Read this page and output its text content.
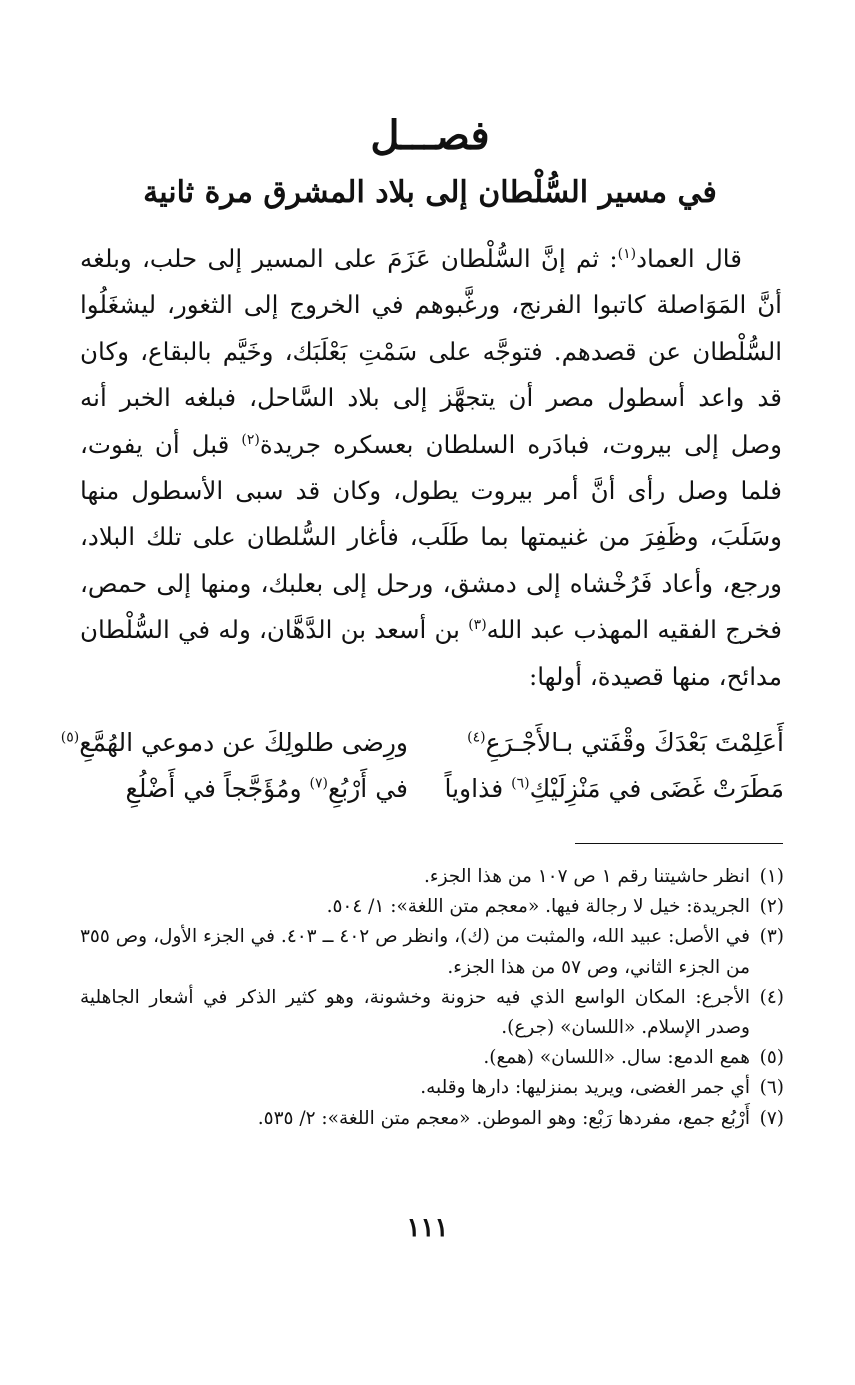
فصـــل
في مسير السُّلْطان إلى بلاد المشرق مرة ثانية

قال العماد$^{(١)}$: ثم إنَّ السُّلْطان عَزَمَ على المسير إلى حلب، وبلغه أنَّ المَوَاصلة كاتبوا الفرنج، ورغَّبوهم في الخروج إلى الثغور، ليشغَلُوا السُّلْطان عن قصدهم. فتوجَّه على سَمْتِ بَعْلَبَك، وخَيَّم بالبقاع، وكان قد واعد أسطول مصر أن يتجهَّز إلى بلاد السَّاحل، فبلغه الخبر أنه وصل إلى بيروت، فبادَره السلطان بعسكره جريدة$^{(٢)}$ قبل أن يفوت، فلما وصل رأى أنَّ أمر بيروت يطول، وكان قد سبى الأسطول منها وسَلَبَ، وظَفِرَ من غنيمتها بما طَلَب، فأغار السُّلطان على تلك البلاد، ورجع، وأعاد فَرُخْشاه إلى دمشق، ورحل إلى بعلبك، ومنها إلى حمص، فخرج الفقيه المهذب عبد الله$^{(٣)}$ بن أسعد بن الدَّهَّان، وله في السُّلْطان مدائح، منها قصيدة، أولها:

أَعَلِمْتَ بَعْدَكَ وقْفَتي بـالأَجْـرَعِ$^{(٤)}$
ورِضى طلولِكَ عن دموعي الهُمَّعِ$^{(٥)}$
مَطَرَتْ غَضَى في مَنْزِلَيْكِ$^{(٦)}$ فذاوياً
في أَرْبُعِ$^{(٧)}$ ومُؤَجَّجاً في أَضْلُعِ
(١)
انظر حاشيتنا رقم ١ ص ١٠٧ من هذا الجزء.
(٢)
الجريدة: خيل لا رجالة فيها. «معجم متن اللغة»: ١/ ٥٠٤.
(٣)
في الأصل: عبيد الله، والمثبت من (ك)، وانظر ص ٤٠٢ ــ ٤٠٣. في الجزء الأول، وص ٣٥٥ من الجزء الثاني، وص ٥٧ من هذا الجزء.
(٤)
الأجرع: المكان الواسع الذي فيه حزونة وخشونة، وهو كثير الذكر في أشعار الجاهلية وصدر الإسلام. «اللسان» (جرع).
(٥)
همع الدمع: سال. «اللسان» (همع).
(٦)
أي جمر الغضى، ويريد بمنزليها: دارها وقلبه.
(٧)
أَرْبُع جمع، مفردها رَبْع: وهو الموطن. «معجم متن اللغة»: ٢/ ٥٣٥.
١١١
